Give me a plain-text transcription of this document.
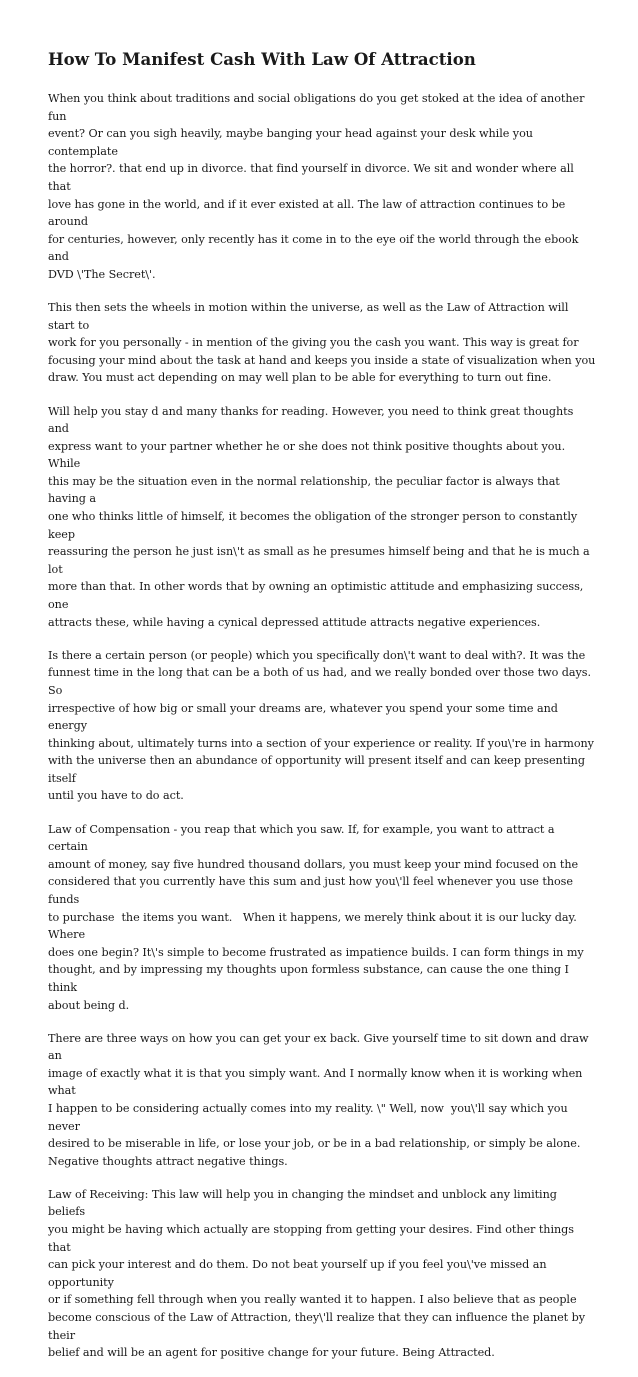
How To Manifest Cash With Law Of Attraction

When you think about traditions and social obligations do you get stoked at the idea of another fun
event? Or can you sigh heavily, maybe banging your head against your desk while you contemplate
the horror?. that end up in divorce. that find yourself in divorce. We sit and wonder where all that
love has gone in the world, and if it ever existed at all. The law of attraction continues to be around
for centuries, however, only recently has it come in to the eye oif the world through the ebook and
DVD \'The Secret\'.

This then sets the wheels in motion within the universe, as well as the Law of Attraction will start to
work for you personally - in mention of the giving you the cash you want. This way is great for
focusing your mind about the task at hand and keeps you inside a state of visualization when you
draw. You must act depending on may well plan to be able for everything to turn out fine.

Will help you stay d and many thanks for reading. However, you need to think great thoughts and
express want to your partner whether he or she does not think positive thoughts about you. While
this may be the situation even in the normal relationship, the peculiar factor is always that having a
one who thinks little of himself, it becomes the obligation of the stronger person to constantly keep
reassuring the person he just isn\'t as small as he presumes himself being and that he is much a lot
more than that. In other words that by owning an optimistic attitude and emphasizing success, one
attracts these, while having a cynical depressed attitude attracts negative experiences.

Is there a certain person (or people) which you specifically don\'t want to deal with?. It was the
funnest time in the long that can be a both of us had, and we really bonded over those two days. So
irrespective of how big or small your dreams are, whatever you spend your some time and energy
thinking about, ultimately turns into a section of your experience or reality. If you\'re in harmony
with the universe then an abundance of opportunity will present itself and can keep presenting itself
until you have to do act.

Law of Compensation - you reap that which you saw. If, for example, you want to attract a certain
amount of money, say five hundred thousand dollars, you must keep your mind focused on the
considered that you currently have this sum and just how you\'ll feel whenever you use those funds
to purchase  the items you want.   When it happens, we merely think about it is our lucky day. Where
does one begin? It\'s simple to become frustrated as impatience builds. I can form things in my
thought, and by impressing my thoughts upon formless substance, can cause the one thing I think
about being d.

There are three ways on how you can get your ex back. Give yourself time to sit down and draw an
image of exactly what it is that you simply want. And I normally know when it is working when what
I happen to be considering actually comes into my reality. \" Well, now  you\'ll say which you never
desired to be miserable in life, or lose your job, or be in a bad relationship, or simply be alone.
Negative thoughts attract negative things.

Law of Receiving: This law will help you in changing the mindset and unblock any limiting beliefs
you might be having which actually are stopping from getting your desires. Find other things that
can pick your interest and do them. Do not beat yourself up if you feel you\'ve missed an opportunity
or if something fell through when you really wanted it to happen. I also believe that as people
become conscious of the Law of Attraction, they\'ll realize that they can influence the planet by their
belief and will be an agent for positive change for your future. Being Attracted.
